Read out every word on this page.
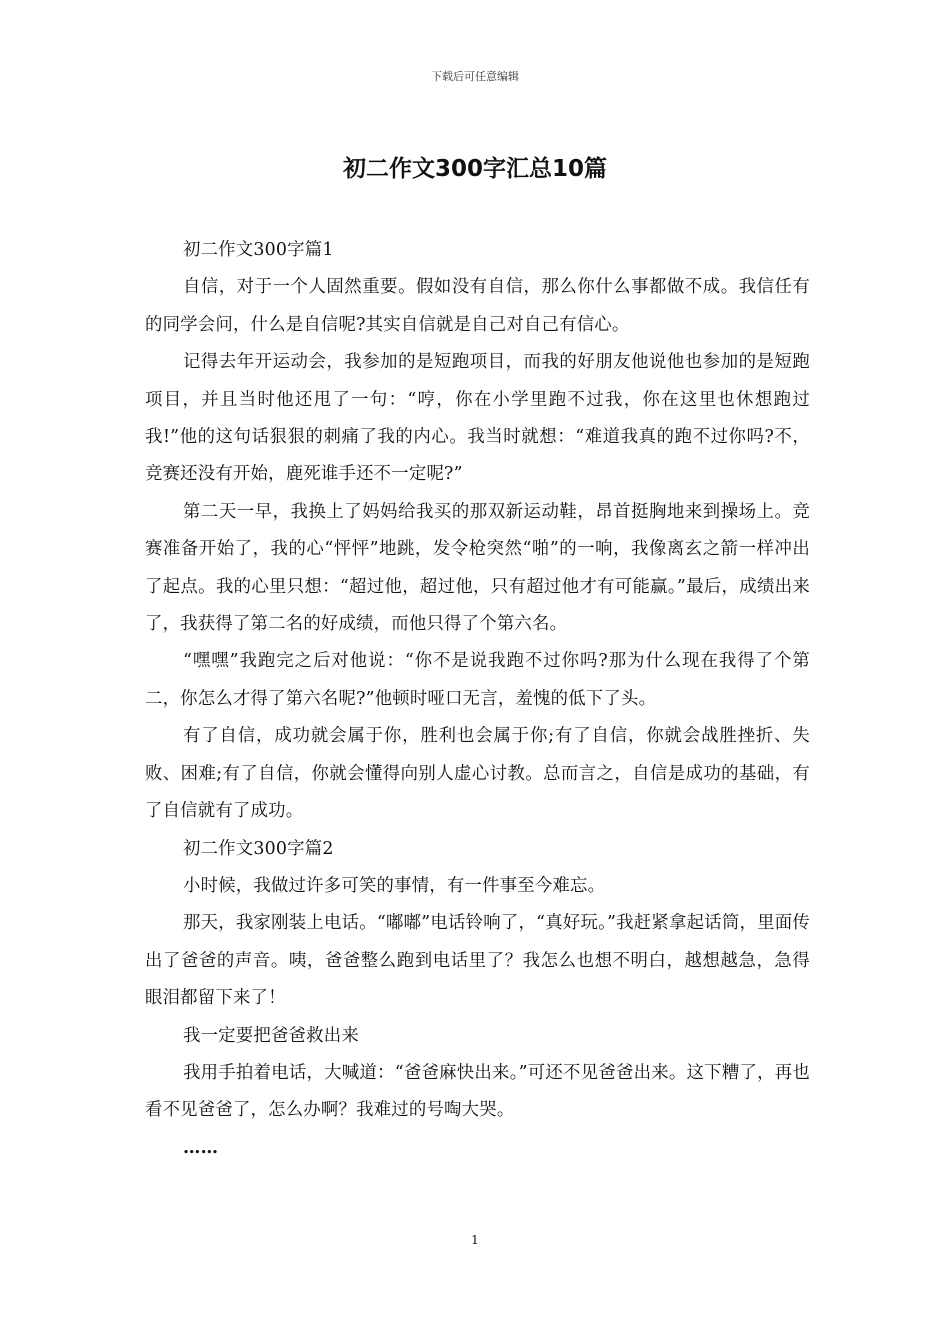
下载后可任意编辑
初二作文300字汇总10篇

初二作文300字篇1

自信，对于一个人固然重要。假如没有自信，那么你什么事都做不成。我信任有的同学会问，什么是自信呢?其实自信就是自己对自己有信心。

记得去年开运动会，我参加的是短跑项目，而我的好朋友他说他也参加的是短跑项目，并且当时他还甩了一句：“哼，你在小学里跑不过我，你在这里也休想跑过我!”他的这句话狠狠的刺痛了我的内心。我当时就想：“难道我真的跑不过你吗?不，竞赛还没有开始，鹿死谁手还不一定呢?”

第二天一早，我换上了妈妈给我买的那双新运动鞋，昂首挺胸地来到操场上。竞赛准备开始了，我的心“怦怦”地跳，发令枪突然“啪”的一响，我像离玄之箭一样冲出了起点。我的心里只想：“超过他，超过他，只有超过他才有可能赢。”最后，成绩出来了，我获得了第二名的好成绩，而他只得了个第六名。

“嘿嘿”我跑完之后对他说：“你不是说我跑不过你吗?那为什么现在我得了个第二，你怎么才得了第六名呢?”他顿时哑口无言，羞愧的低下了头。

有了自信，成功就会属于你，胜利也会属于你;有了自信，你就会战胜挫折、失败、困难;有了自信，你就会懂得向别人虚心讨教。总而言之，自信是成功的基础，有了自信就有了成功。

初二作文300字篇2

小时候，我做过许多可笑的事情，有一件事至今难忘。

那天，我家刚装上电话。“嘟嘟”电话铃响了，“真好玩。”我赶紧拿起话筒，里面传出了爸爸的声音。咦，爸爸整么跑到电话里了？我怎么也想不明白，越想越急，急得眼泪都留下来了！

我一定要把爸爸救出来

我用手拍着电话，大喊道：“爸爸麻快出来。”可还不见爸爸出来。这下糟了，再也看不见爸爸了，怎么办啊？我难过的号啕大哭。

……

1
